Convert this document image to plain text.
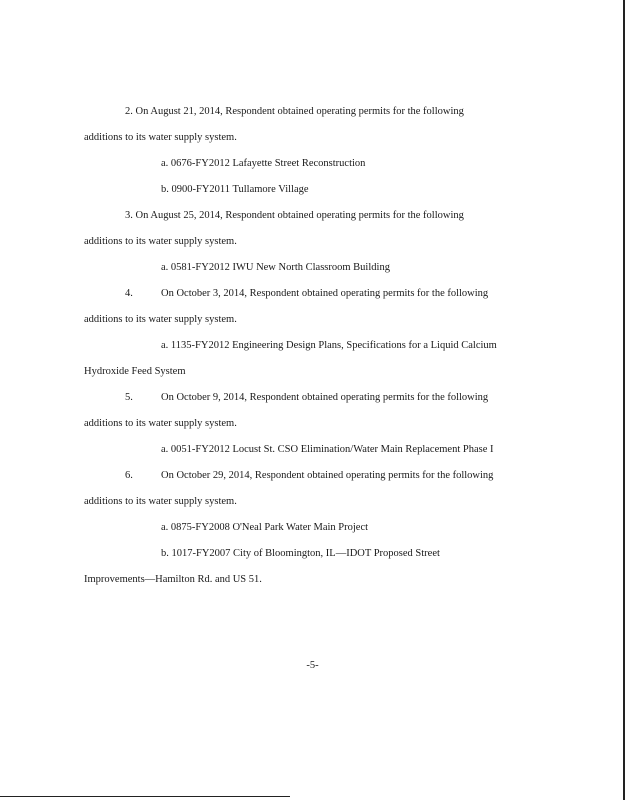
2. On August 21, 2014, Respondent obtained operating permits for the following
additions to its water supply system.
a. 0676-FY2012 Lafayette Street Reconstruction
b. 0900-FY2011 Tullamore Village
3. On August 25, 2014, Respondent obtained operating permits for the following
additions to its water supply system.
a. 0581-FY2012 IWU New North Classroom Building
4.	On October 3, 2014, Respondent obtained operating permits for the following
additions to its water supply system.
a. 1135-FY2012 Engineering Design Plans, Specifications for a Liquid Calcium
Hydroxide Feed System
5.	On October 9, 2014, Respondent obtained operating permits for the following
additions to its water supply system.
a. 0051-FY2012 Locust St. CSO Elimination/Water Main Replacement Phase I
6.	On October 29, 2014, Respondent obtained operating permits for the following
additions to its water supply system.
a. 0875-FY2008 O'Neal Park Water Main Project
b. 1017-FY2007 City of Bloomington, IL—IDOT Proposed Street
Improvements—Hamilton Rd. and US 51.
-5-
